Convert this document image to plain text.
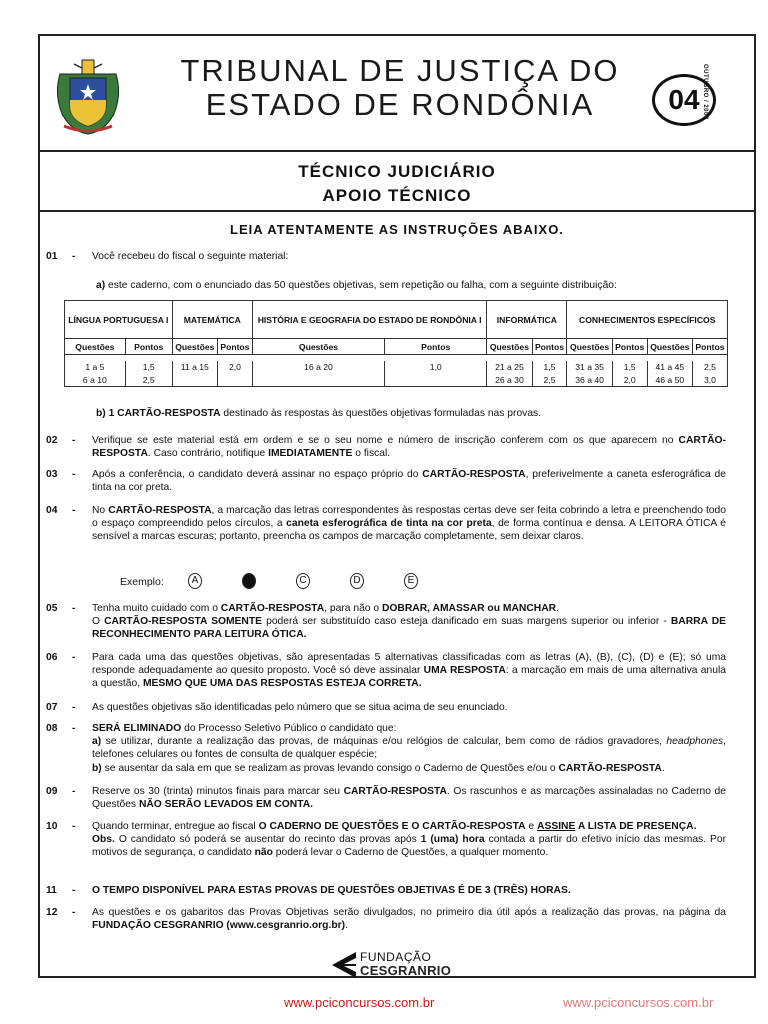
TRIBUNAL DE JUSTIÇA DO
ESTADO DE RONDÔNIA	04 OUTUBRO / 2008
TÉCNICO JUDICIÁRIO
APOIO TÉCNICO
LEIA ATENTAMENTE AS INSTRUÇÕES ABAIXO.
01	- Você recebeu do fiscal o seguinte material:
a) este caderno, com o enunciado das 50 questões objetivas, sem repetição ou falha, com a seguinte distribuição:
LÍNGUA PORTUGUESA I		MATEMÁTICA		HISTÓRIA E GEOGRAFIA DO ESTADO DE RONDÔNIA I		INFORMÁTICA		CONHECIMENTOS ESPECÍFICOS			
Questões	Pontos	Questões	Pontos	Questões	Pontos	Questões	Pontos	Questões	Pontos	Questões	Pontos

1 a 5	1,5	11 a 15	2,0	16 a 20	1,0	21 a 25	1,5	31 a 35	1,5	41 a 45	2,5
6 a 10	2,5					26 a 30	2,5	36 a 40	2,0	46 a 50	3,0
b) 1 CARTÃO-RESPOSTA destinado às respostas às questões objetivas formuladas nas provas.
02	- Verifique se este material está em ordem e se o seu nome e número de inscrição conferem com os que aparecem no CARTÃO-RESPOSTA. Caso contrário, notifique IMEDIATAMENTE o fiscal.
03	- Após a conferência, o candidato deverá assinar no espaço próprio do CARTÃO-RESPOSTA, preferivelmente a caneta esferográfica de tinta na cor preta.
04	- No CARTÃO-RESPOSTA, a marcação das letras correspondentes às respostas certas deve ser feita cobrindo a letra e preenchendo todo o espaço compreendido pelos círculos, a caneta esferográfica de tinta na cor preta, de forma contínua e densa. A LEITORA ÓTICA é sensível a marcas escuras; portanto, preencha os campos de marcação completamente, sem deixar claros.
Exemplo:	A	C	D	E
05	- Tenha muito cuidado com o CARTÃO-RESPOSTA, para não o DOBRAR, AMASSAR ou MANCHAR.
O CARTÃO-RESPOSTA SOMENTE poderá ser substituído caso esteja danificado em suas margens superior ou inferior - BARRA DE RECONHECIMENTO PARA LEITURA ÓTICA.
06	- Para cada uma das questões objetivas, são apresentadas 5 alternativas classificadas com as letras (A), (B), (C), (D) e (E); só uma responde adequadamente ao quesito proposto. Você só deve assinalar UMA RESPOSTA: a marcação em mais de uma alternativa anula a questão, MESMO QUE UMA DAS RESPOSTAS ESTEJA CORRETA.
07	- As questões objetivas são identificadas pelo número que se situa acima de seu enunciado.
08	- SERÁ ELIMINADO do Processo Seletivo Público o candidato que:
a) se utilizar, durante a realização das provas, de máquinas e/ou relógios de calcular, bem como de rádios gravadores, headphones, telefones celulares ou fontes de consulta de qualquer espécie;
b) se ausentar da sala em que se realizam as provas levando consigo o Caderno de Questões e/ou o CARTÃO-RESPOSTA.
09	- Reserve os 30 (trinta) minutos finais para marcar seu CARTÃO-RESPOSTA. Os rascunhos e as marcações assinaladas no Caderno de Questões NÃO SERÃO LEVADOS EM CONTA.
10	- Quando terminar, entregue ao fiscal O CADERNO DE QUESTÕES E O CARTÃO-RESPOSTA e ASSINE A LISTA DE PRESENÇA.
Obs. O candidato só poderá se ausentar do recinto das provas após 1 (uma) hora contada a partir do efetivo início das mesmas. Por motivos de segurança, o candidato não poderá levar o Caderno de Questões, a qualquer momento.
11	- O TEMPO DISPONÍVEL PARA ESTAS PROVAS DE QUESTÕES OBJETIVAS É DE 3 (TRÊS) HORAS.
12	- As questões e os gabaritos das Provas Objetivas serão divulgados, no primeiro dia útil após a realização das provas, na página da FUNDAÇÃO CESGRANRIO (www.cesgranrio.org.br).
FUNDAÇÃO
CESGRANRIO
www.pciconcursos.com.br	www.pciconcursos.com.br
